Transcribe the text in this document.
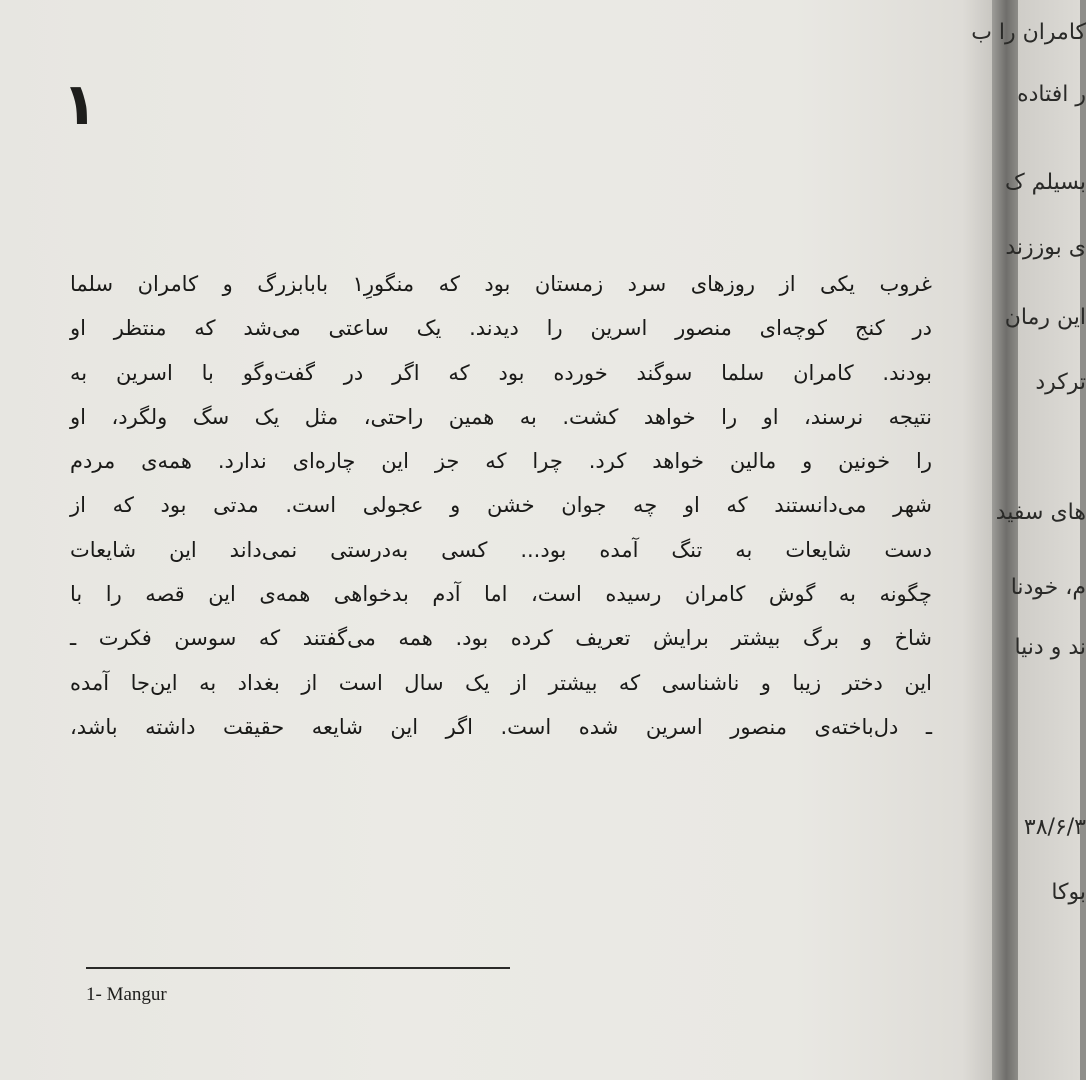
۱
غروب یکی از روزهای سرد زمستان بود که منگورِ۱ بابابزرگ و کامران سلما
در کنج کوچه‌ای منصور اسرین را دیدند. یک ساعتی می‌شد که منتظر او
بودند. کامران سلما سوگند خورده بود که اگر در گفت‌وگو با اسرین به
نتیجه نرسند، او را خواهد کشت. به همین راحتی، مثل یک سگ ولگرد، او
را خونین و مالین خواهد کرد. چرا که جز این چاره‌ای ندارد. همه‌ی مردم
شهر می‌دانستند که او چه جوان خشن و عجولی است. مدتی بود که از
دست شایعات به تنگ آمده بود... کسی به‌درستی نمی‌داند این شایعات
چگونه به گوش کامران رسیده است، اما آدم بدخواهی همه‌ی این قصه را با
شاخ و برگ بیشتر برایش تعریف کرده بود. همه می‌گفتند که سوسن فکرت ـ
این دختر زیبا و ناشناسی که بیشتر از یک سال است از بغداد به این‌جا آمده
ـ دل‌باخته‌ی منصور اسرین شده است. اگر این شایعه حقیقت داشته باشد،
1- Mangur
کامران را ب
ر افتاده
بسیلم ک
ی بوززند
این رمان
ترکرد
های سفید
م، خودنا
ند و دنیا
۳۸/۶/۳
بوکا
